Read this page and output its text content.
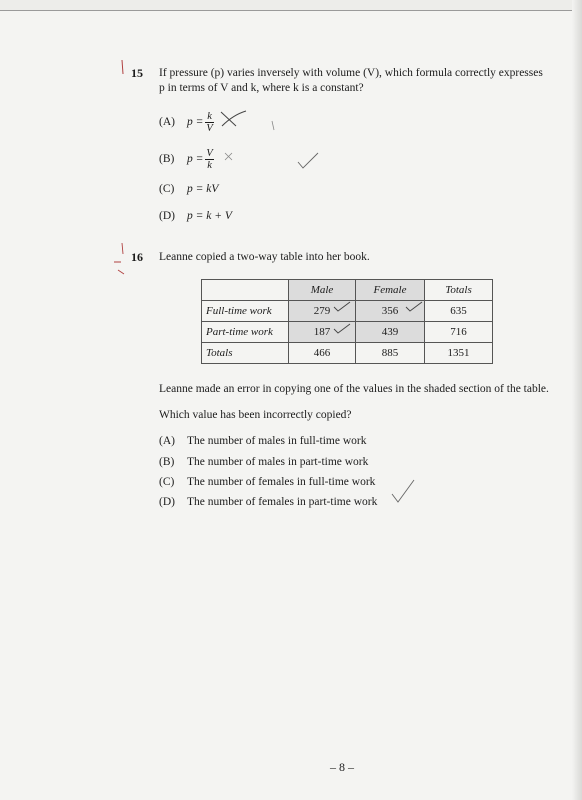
15 If pressure (p) varies inversely with volume (V), which formula correctly expresses
p in terms of V and k, where k is a constant?
(A) $p = \frac{k}{V}$
(B) $p = \frac{V}{k}$
(C) p = kV
(D) p = k + V
16 Leanne copied a two-way table into her book.
	Male	Female	Totals
Full-time work	279	356	635
Part-time work	187	439	716
Totals	466	885	1351
Leanne made an error in copying one of the values in the shaded section of the table.
Which value has been incorrectly copied?
(A) The number of males in full-time work
(B) The number of males in part-time work
(C) The number of females in full-time work
(D) The number of females in part-time work
– 8 –
